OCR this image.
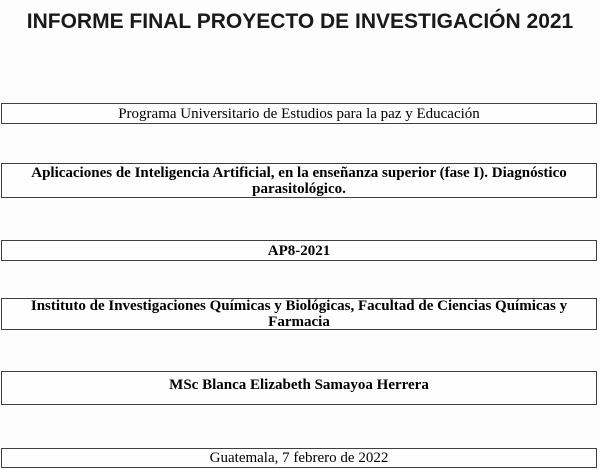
INFORME FINAL PROYECTO DE INVESTIGACIÓN 2021
Programa Universitario de Estudios para la paz y Educación
Aplicaciones de Inteligencia Artificial, en la enseñanza superior (fase I). Diagnóstico parasitológico.
AP8-2021
Instituto de Investigaciones Químicas y Biológicas, Facultad de Ciencias Químicas y Farmacia
MSc Blanca Elizabeth Samayoa Herrera
Guatemala, 7 febrero de 2022
